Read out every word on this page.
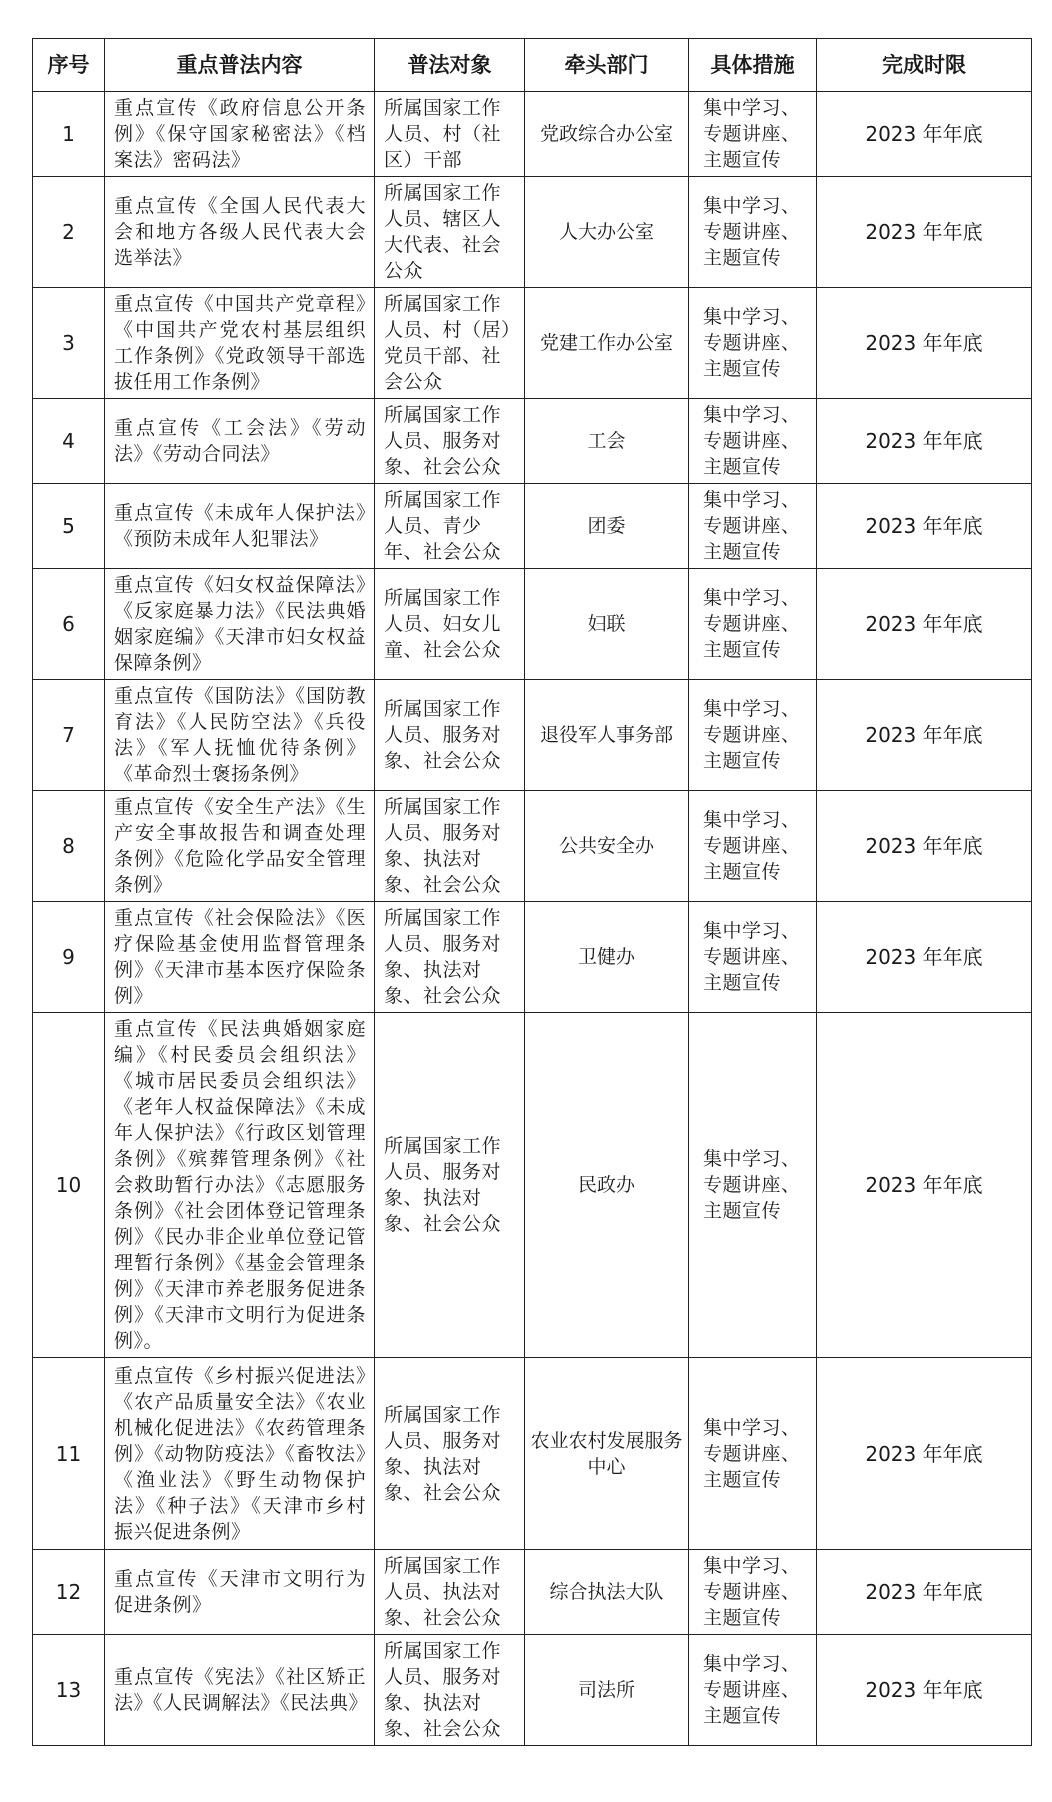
序号	重点普法内容	普法对象	牵头部门	具体措施	完成时限
1	重点宣传《政府信息公开条例》《保守国家秘密法》《档案法》密码法》	所属国家工作人员、村（社区）干部	党政综合办公室	集中学习、专题讲座、主题宣传	2023 年年底
2	重点宣传《全国人民代表大会和地方各级人民代表大会选举法》	所属国家工作人员、辖区人大代表、社会公众	人大办公室	集中学习、专题讲座、主题宣传	2023 年年底
3	重点宣传《中国共产党章程》《中国共产党农村基层组织工作条例》《党政领导干部选拔任用工作条例》	所属国家工作人员、村（居）党员干部、社会公众	党建工作办公室	集中学习、专题讲座、主题宣传	2023 年年底
4	重点宣传《工会法》《劳动法》《劳动合同法》	所属国家工作人员、服务对象、社会公众	工会	集中学习、专题讲座、主题宣传	2023 年年底
5	重点宣传《未成年人保护法》《预防未成年人犯罪法》	所属国家工作人员、青少年、社会公众	团委	集中学习、专题讲座、主题宣传	2023 年年底
6	重点宣传《妇女权益保障法》《反家庭暴力法》《民法典婚姻家庭编》《天津市妇女权益保障条例》	所属国家工作人员、妇女儿童、社会公众	妇联	集中学习、专题讲座、主题宣传	2023 年年底
7	重点宣传《国防法》《国防教育法》《人民防空法》《兵役法》《军人抚恤优待条例》《革命烈士褒扬条例》	所属国家工作人员、服务对象、社会公众	退役军人事务部	集中学习、专题讲座、主题宣传	2023 年年底
8	重点宣传《安全生产法》《生产安全事故报告和调查处理条例》《危险化学品安全管理条例》	所属国家工作人员、服务对象、执法对象、社会公众	公共安全办	集中学习、专题讲座、主题宣传	2023 年年底
9	重点宣传《社会保险法》《医疗保险基金使用监督管理条例》《天津市基本医疗保险条例》	所属国家工作人员、服务对象、执法对象、社会公众	卫健办	集中学习、专题讲座、主题宣传	2023 年年底
10	重点宣传《民法典婚姻家庭编》《村民委员会组织法》《城市居民委员会组织法》《老年人权益保障法》《未成年人保护法》《行政区划管理条例》《殡葬管理条例》《社会救助暂行办法》《志愿服务条例》《社会团体登记管理条例》《民办非企业单位登记管理暂行条例》《基金会管理条例》《天津市养老服务促进条例》《天津市文明行为促进条例》。	所属国家工作人员、服务对象、执法对象、社会公众	民政办	集中学习、专题讲座、主题宣传	2023 年年底
11	重点宣传《乡村振兴促进法》《农产品质量安全法》《农业机械化促进法》《农药管理条例》《动物防疫法》《畜牧法》《渔业法》《野生动物保护法》《种子法》《天津市乡村振兴促进条例》	所属国家工作人员、服务对象、执法对象、社会公众	农业农村发展服务中心	集中学习、专题讲座、主题宣传	2023 年年底
12	重点宣传《天津市文明行为促进条例》	所属国家工作人员、执法对象、社会公众	综合执法大队	集中学习、专题讲座、主题宣传	2023 年年底
13	重点宣传《宪法》《社区矫正法》《人民调解法》《民法典》	所属国家工作人员、服务对象、执法对象、社会公众	司法所	集中学习、专题讲座、主题宣传	2023 年年底
